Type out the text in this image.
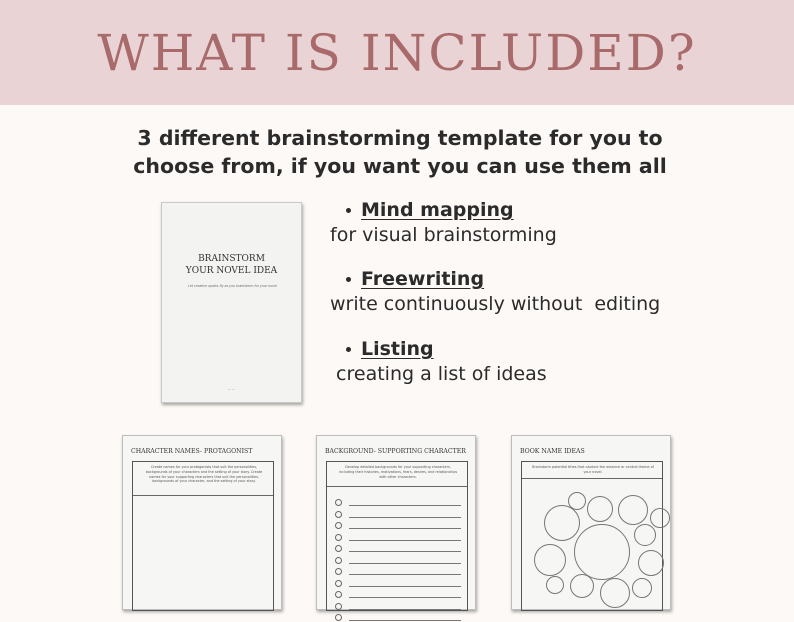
WHAT IS INCLUDED?
3 different brainstorming template for you to
choose from, if you want you can use them all
BRAINSTORM
YOUR NOVEL IDEA
Let creative sparks fly as you brainstorm for your novel
— —
Mind mapping
for visual brainstorming
Freewriting
write continuously without  editing
Listing
creating a list of ideas
CHARACTER NAMES- PROTAGONIST
Create names for your protagonists that suit the personalities, backgrounds of your characters and the setting of your story. Create names for your supporting characters that suit the personalities, backgrounds of your character, and the setting of your story.
BACKGROUND- SUPPORTING CHARACTER
Develop detailed backgrounds for your supporting characters, including their histories, motivations, fears, desires, and relationships with other characters.
BOOK NAME IDEAS
Brainstorm potential titles that capture the essence or central theme of your novel.
